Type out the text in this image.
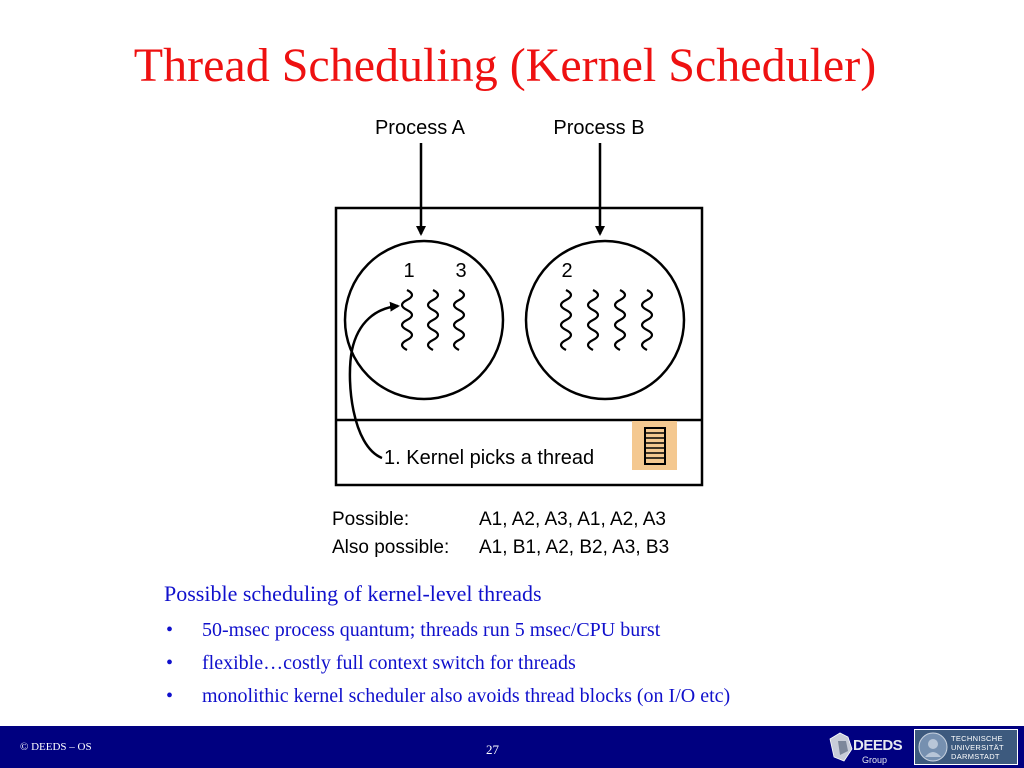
Thread Scheduling (Kernel Scheduler)
Process A	Process B
1 3	2
1. Kernel picks a thread
Possible:	A1, A2, A3, A1, A2, A3
Also possible: A1, B1, A2, B2, A3, B3
Possible scheduling of kernel-level threads
• 50-msec process quantum; threads run 5 msec/CPU burst
• flexible…costly full context switch for threads
• monolithic kernel scheduler also avoids thread blocks (on I/O etc)
© DEEDS – OS	27	DEEDS
Group
TECHNISCHE
UNIVERSITÄT
DARMSTADT
